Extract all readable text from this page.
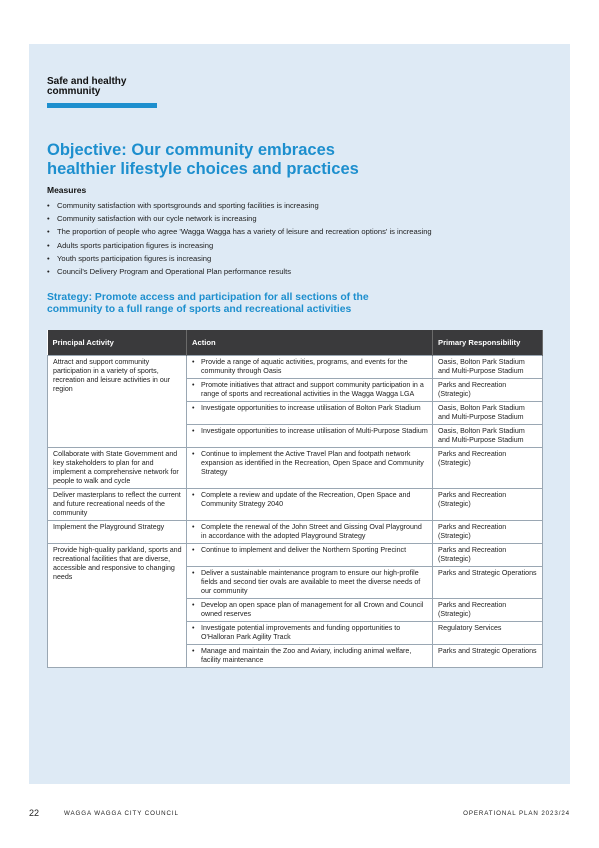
Safe and healthy community
Objective: Our community embraces
healthier lifestyle choices and practices
Measures
• Community satisfaction with sportsgrounds and sporting facilities is increasing
• Community satisfaction with our cycle network is increasing
• The proportion of people who agree 'Wagga Wagga has a variety of leisure and recreation options' is increasing
• Adults sports participation figures is increasing
• Youth sports participation figures is increasing
• Council's Delivery Program and Operational Plan performance results
Strategy: Promote access and participation for all sections of the
community to a full range of sports and recreational activities
Principal Activity	Action	Primary Responsibility
Attract and support community participation in a variety of sports, recreation and leisure activities in our region	• Provide a range of aquatic activities, programs, and events for the community through Oasis	Oasis, Bolton Park Stadium and Multi-Purpose Stadium

	• Promote initiatives that attract and support community participation in a range of sports and recreational activities in the Wagga Wagga LGA	Parks and Recreation (Strategic)

	• Investigate opportunities to increase utilisation of Bolton Park Stadium	Oasis, Bolton Park Stadium and Multi-Purpose Stadium

	• Investigate opportunities to increase utilisation of Multi-Purpose Stadium	Oasis, Bolton Park Stadium and Multi-Purpose Stadium
Collaborate with State Government and key stakeholders to plan for and implement a comprehensive network for people to walk and cycle	• Continue to implement the Active Travel Plan and footpath network expansion as identified in the Recreation, Open Space and Community Strategy	Parks and Recreation (Strategic)
Deliver masterplans to reflect the current and future recreational needs of the community	• Complete a review and update of the Recreation, Open Space and Community Strategy 2040	Parks and Recreation (Strategic)
Implement the Playground Strategy	• Complete the renewal of the John Street and Gissing Oval Playground in accordance with the adopted Playground Strategy	Parks and Recreation (Strategic)
Provide high-quality parkland, sports and recreational facilities that are diverse, accessible and responsive to changing needs	• Continue to implement and deliver the Northern Sporting Precinct	Parks and Recreation (Strategic)

	• Deliver a sustainable maintenance program to ensure our high-profile fields and second tier ovals are available to meet the diverse needs of our community	Parks and Strategic Operations

	• Develop an open space plan of management for all Crown and Council owned reserves	Parks and Recreation (Strategic)

	• Investigate potential improvements and funding opportunities to O'Halloran Park Agility Track	Regulatory Services

	• Manage and maintain the Zoo and Aviary, including animal welfare, facility maintenance	Parks and Strategic Operations
22	WAGGA WAGGA CITY COUNCIL	OPERATIONAL PLAN 2023/24
